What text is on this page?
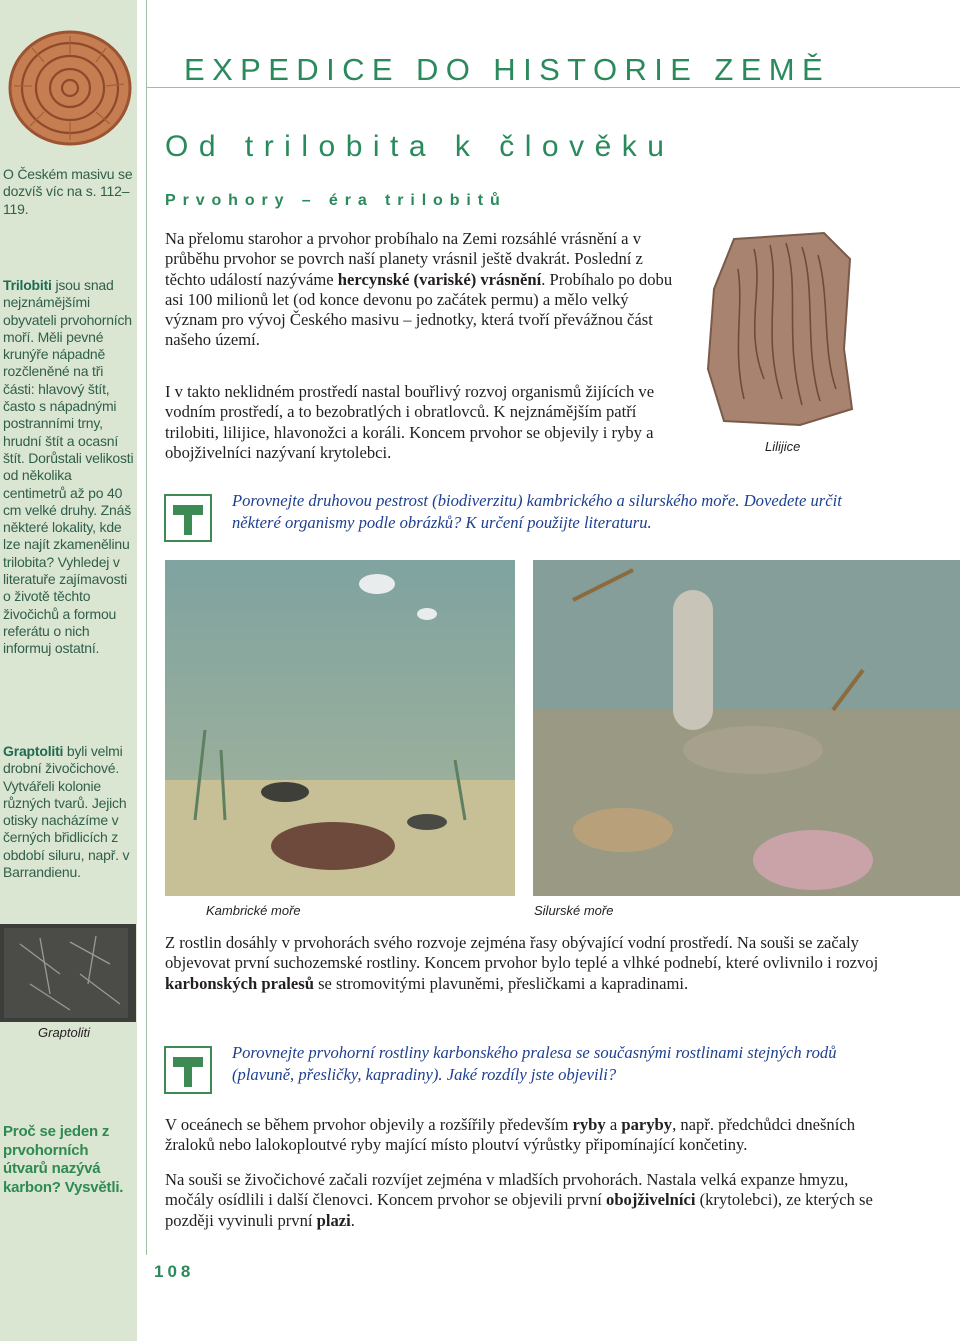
O Českém masivu se dozvíš víc na s. 112–119.
Trilobiti jsou snad nejznámějšími obyvateli prvohorních moří. Měli pevné krunýře nápadně rozčleněné na tři části: hlavový štít, často s nápadnými postranními trny, hrudní štít a ocasní štít. Dorůstali velikosti od několika centimetrů až po 40 cm velké druhy. Znáš některé lokality, kde lze najít zkamenělinu trilobita? Vyhledej v literatuře zajímavosti o životě těchto živočichů a formou referátu o nich informuj ostatní.
Graptoliti byli velmi drobní živočichové. Vytvářeli kolonie různých tvarů. Jejich otisky nacházíme v černých břidlicích z období siluru, např. v Barrandienu.
Graptoliti
Proč se jeden z prvohorních útvarů nazývá karbon? Vysvětli.
EXPEDICE DO HISTORIE ZEMĚ
Od trilobita k člověku
Prvohory – éra trilobitů
Na přelomu starohor a prvohor probíhalo na Zemi rozsáhlé vrásnění a v průběhu prvohor se povrch naší planety vrásnil ještě dvakrát. Poslední z těchto událostí nazýváme hercynské (variské) vrásnění. Probíhalo po dobu asi 100 milionů let (od konce devonu po začátek permu) a mělo velký význam pro vývoj Českého masivu – jednotky, která tvoří převážnou část našeho území.
Lilijice
I v takto neklidném prostředí nastal bouřlivý rozvoj organismů žijících ve vodním prostředí, a to bezobratlých i obratlovců. K nejznámějším patří trilobiti, lilijice, hlavonožci a koráli. Koncem prvohor se objevily i ryby a obojživelníci nazývaní krytolebci.
Porovnejte druhovou pestrost (biodiverzitu) kambrického a silurského moře. Dovedete určit některé organismy podle obrázků? K určení použijte literaturu.
Kambrické moře	Silurské moře
Z rostlin dosáhly v prvohorách svého rozvoje zejména řasy obývající vodní prostředí. Na souši se začaly objevovat první suchozemské rostliny. Koncem prvohor bylo teplé a vlhké podnebí, které ovlivnilo i rozvoj karbonských pralesů se stromovitými plavuněmi, přesličkami a kapradinami.
Porovnejte prvohorní rostliny karbonského pralesa se současnými rostlinami stejných rodů (plavuně, přesličky, kapradiny). Jaké rozdíly jste objevili?
V oceánech se během prvohor objevily a rozšířily především ryby a paryby, např. předchůdci dnešních žraloků nebo lalokoploutvé ryby mající místo ploutví výrůstky připomínající končetiny.
Na souši se živočichové začali rozvíjet zejména v mladších prvohorách. Nastala velká expanze hmyzu, močály osídlili i další členovci. Koncem prvohor se objevili první obojživelníci (krytolebci), ze kterých se později vyvinuli první plazi.
108
